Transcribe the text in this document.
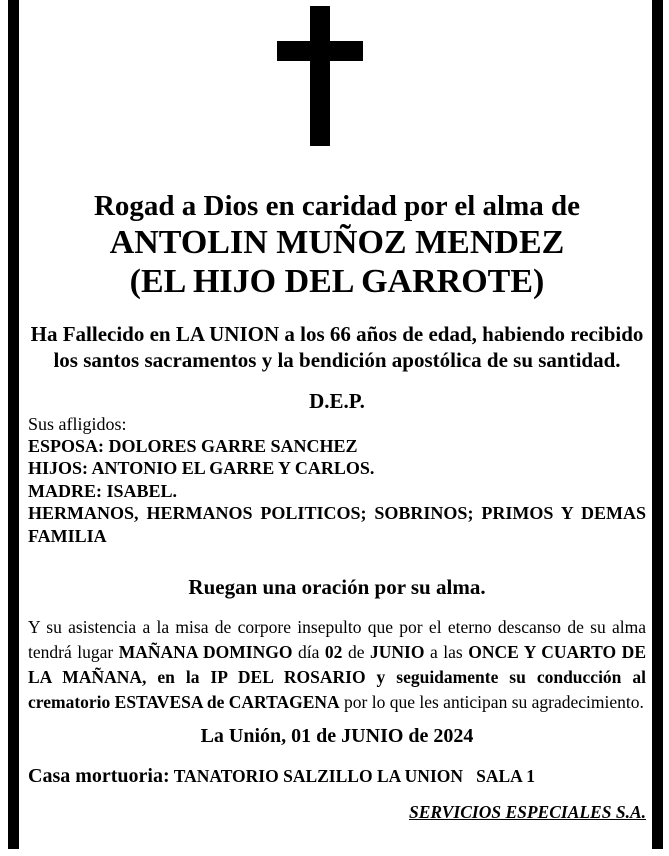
Rogad a Dios en caridad por el alma de
ANTOLIN MUÑOZ MENDEZ
(EL HIJO DEL GARROTE)
Ha Fallecido en LA UNION a los 66 años de edad, habiendo recibido
los santos sacramentos y la bendición apostólica de su santidad.
D.E.P.
Sus afligidos:
ESPOSA: DOLORES GARRE SANCHEZ
HIJOS: ANTONIO EL GARRE Y CARLOS.
MADRE: ISABEL.
HERMANOS, HERMANOS POLITICOS; SOBRINOS; PRIMOS Y DEMAS FAMILIA
Ruegan una oración por su alma.
Y su asistencia a la misa de corpore insepulto que por el eterno descanso de su alma tendrá lugar MAÑANA DOMINGO día 02 de JUNIO a las ONCE Y CUARTO DE LA MAÑANA, en la IP DEL ROSARIO y seguidamente su conducción al crematorio ESTAVESA de CARTAGENA por lo que les anticipan su agradecimiento.
La Unión, 01 de JUNIO de 2024
Casa mortuoria: TANATORIO SALZILLO LA UNION   SALA 1
SERVICIOS ESPECIALES S.A.
